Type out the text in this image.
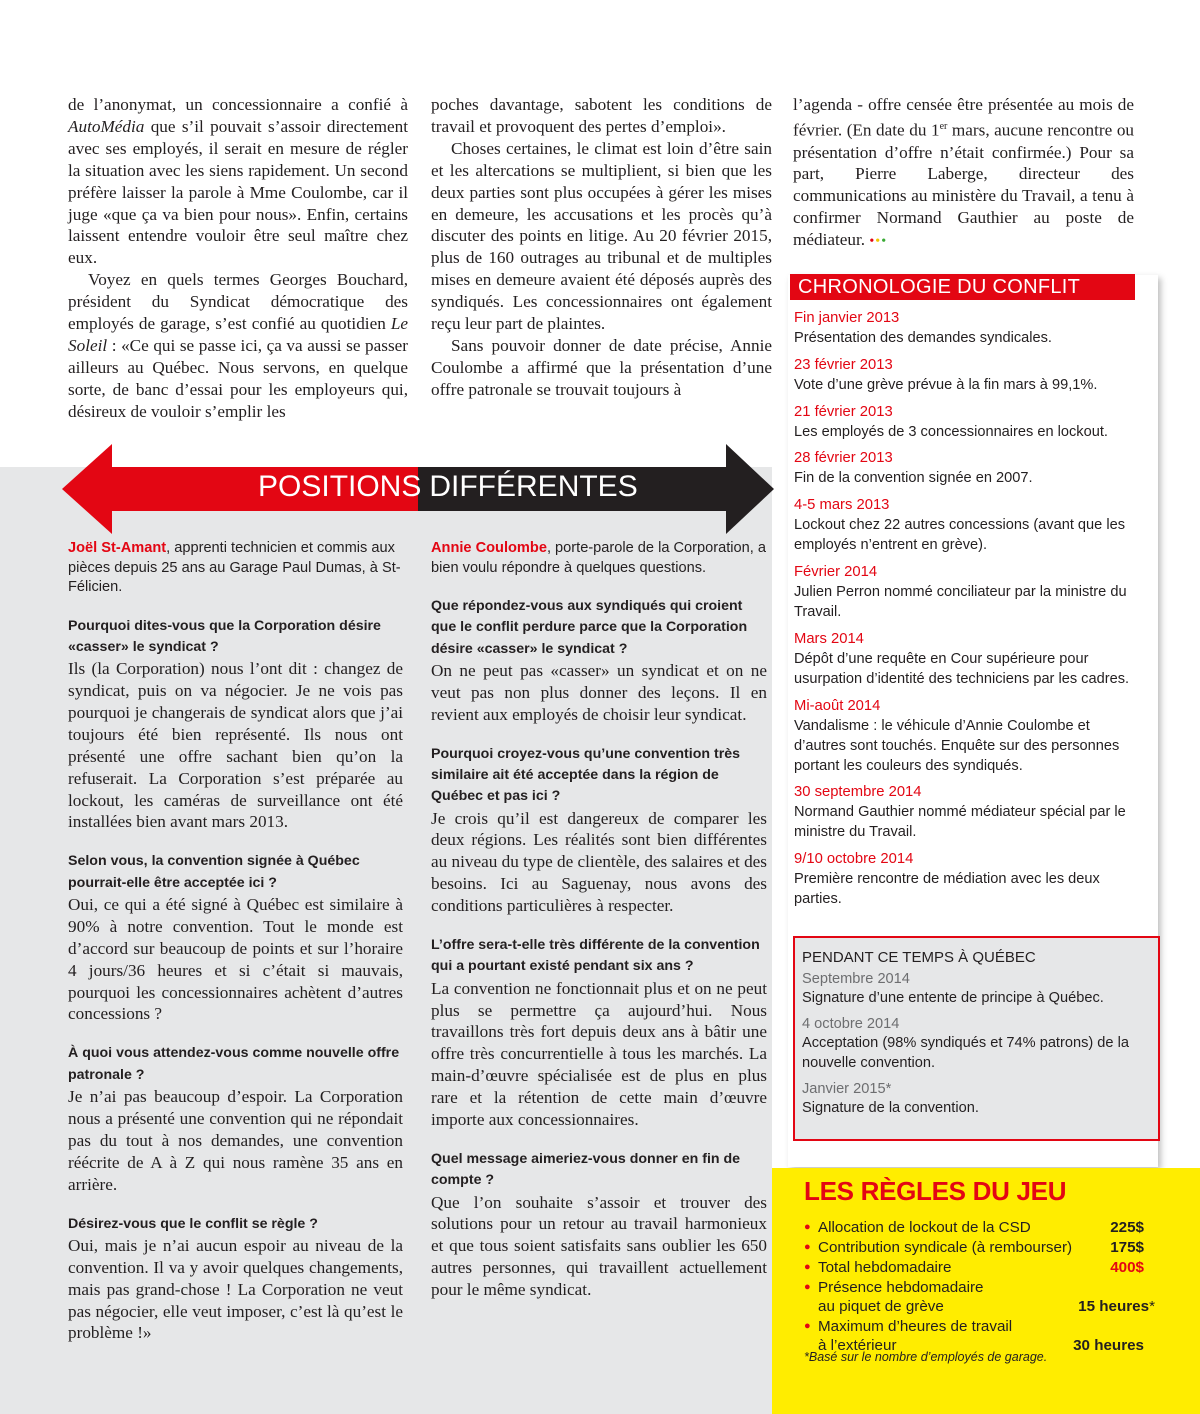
de l’anonymat, un concessionnaire a confié à AutoMédia que s’il pouvait s’assoir directement avec ses employés, il serait en mesure de régler la situation avec les siens rapidement. Un second préfère laisser la parole à Mme Coulombe, car il juge «que ça va bien pour nous». Enfin, certains laissent entendre vouloir être seul maître chez eux.

Voyez en quels termes Georges Bouchard, président du Syndicat démocratique des employés de garage, s’est confié au quotidien Le Soleil : «Ce qui se passe ici, ça va aussi se passer ailleurs au Québec. Nous servons, en quelque sorte, de banc d’essai pour les employeurs qui, désireux de vouloir s’emplir les

poches davantage, sabotent les conditions de travail et provoquent des pertes d’emploi».

Choses certaines, le climat est loin d’être sain et les altercations se multiplient, si bien que les deux parties sont plus occupées à gérer les mises en demeure, les accusations et les procès qu’à discuter des points en litige. Au 20 février 2015, plus de 160 outrages au tribunal et de multiples mises en demeure avaient été déposés auprès des syndiqués. Les concessionnaires ont également reçu leur part de plaintes.

Sans pouvoir donner de date précise, Annie Coulombe a affirmé que la présentation d’une offre patronale se trouvait toujours à

l’agenda - offre censée être présentée au mois de février. (En date du 1er mars, aucune rencontre ou présentation d’offre n’était confirmée.) Pour sa part, Pierre Laberge, directeur des communications au ministère du Travail, a tenu à confirmer Normand Gauthier au poste de médiateur. •••

POSITIONS DIFFÉRENTES
Joël St-Amant, apprenti technicien et commis aux pièces depuis 25 ans au Garage Paul Dumas, à St-Félicien.
Pourquoi dites-vous que la Corporation désire «casser» le syndicat ?

Ils (la Corporation) nous l’ont dit : changez de syndicat, puis on va négocier. Je ne vois pas pourquoi je changerais de syndicat alors que j’ai toujours été bien représenté. Ils nous ont présenté une offre sachant bien qu’on la refuserait. La Corporation s’est préparée au lockout, les caméras de surveillance ont été installées bien avant mars 2013.

Selon vous, la convention signée à Québec pourrait-elle être acceptée ici ?

Oui, ce qui a été signé à Québec est similaire à 90% à notre convention. Tout le monde est d’accord sur beaucoup de points et sur l’horaire 4 jours/36 heures et si c’était si mauvais, pourquoi les concessionnaires achètent d’autres concessions ?

À quoi vous attendez-vous comme nouvelle offre patronale ?

Je n’ai pas beaucoup d’espoir. La Corporation nous a présenté une convention qui ne répondait pas du tout à nos demandes, une convention réécrite de A à Z qui nous ramène 35 ans en arrière.

Désirez-vous que le conflit se règle ?

Oui, mais je n’ai aucun espoir au niveau de la convention. Il va y avoir quelques changements, mais pas grand-chose ! La Corporation ne veut pas négocier, elle veut imposer, c’est là qu’est le problème !»

Annie Coulombe, porte-parole de la Corporation, a bien voulu répondre à quelques questions.
Que répondez-vous aux syndiqués qui croient que le conflit perdure parce que la Corporation désire «casser» le syndicat ?

On ne peut pas «casser» un syndicat et on ne veut pas non plus donner des leçons. Il en revient aux employés de choisir leur syndicat.

Pourquoi croyez-vous qu’une convention très similaire ait été acceptée dans la région de Québec et pas ici ?

Je crois qu’il est dangereux de comparer les deux régions. Les réalités sont bien différentes au niveau du type de clientèle, des salaires et des besoins. Ici au Saguenay, nous avons des conditions particulières à respecter.

L’offre sera-t-elle très différente de la convention qui a pourtant existé pendant six ans ?

La convention ne fonctionnait plus et on ne peut plus se permettre ça aujourd’hui. Nous travaillons très fort depuis deux ans à bâtir une offre très concurrentielle à tous les marchés. La main-d’œuvre spécialisée est de plus en plus rare et la rétention de cette main d’œuvre importe aux concessionnaires.

Quel message aimeriez-vous donner en fin de compte ?

Que l’on souhaite s’assoir et trouver des solutions pour un retour au travail harmonieux et que tous soient satisfaits sans oublier les 650 autres personnes, qui travaillent actuellement pour le même syndicat.

CHRONOLOGIE DU CONFLIT
Fin janvier 2013
Présentation des demandes syndicales.
23 février 2013
Vote d’une grève prévue à la fin mars à 99,1%.
21 février 2013
Les employés de 3 concessionnaires en lockout.
28 février 2013
Fin de la convention signée en 2007.
4-5 mars 2013
Lockout chez 22 autres concessions (avant que les employés n’entrent en grève).
Février 2014
Julien Perron nommé conciliateur par la ministre du Travail.
Mars 2014
Dépôt d’une requête en Cour supérieure pour usurpation d’identité des techniciens par les cadres.
Mi-août 2014
Vandalisme : le véhicule d’Annie Coulombe et d’autres sont touchés. Enquête sur des personnes portant les couleurs des syndiqués.
30 septembre 2014
Normand Gauthier nommé médiateur spécial par le ministre du Travail.
9/10 octobre 2014
Première rencontre de médiation avec les deux parties.
PENDANT CE TEMPS À QUÉBEC
Septembre 2014
Signature d’une entente de principe à Québec.
4 octobre 2014
Acceptation (98% syndiqués et 74% patrons) de la nouvelle convention.
Janvier 2015*
Signature de la convention.
LES RÈGLES DU JEU
● Allocation de lockout de la CSD	225$
● Contribution syndicale (à rembourser)	175$
● Total hebdomadaire	400$
● Présence hebdomadaire
au piquet de grève	15 heures*
● Maximum d’heures de travail
à l’extérieur	30 heures
*Basé sur le nombre d’employés de garage.
